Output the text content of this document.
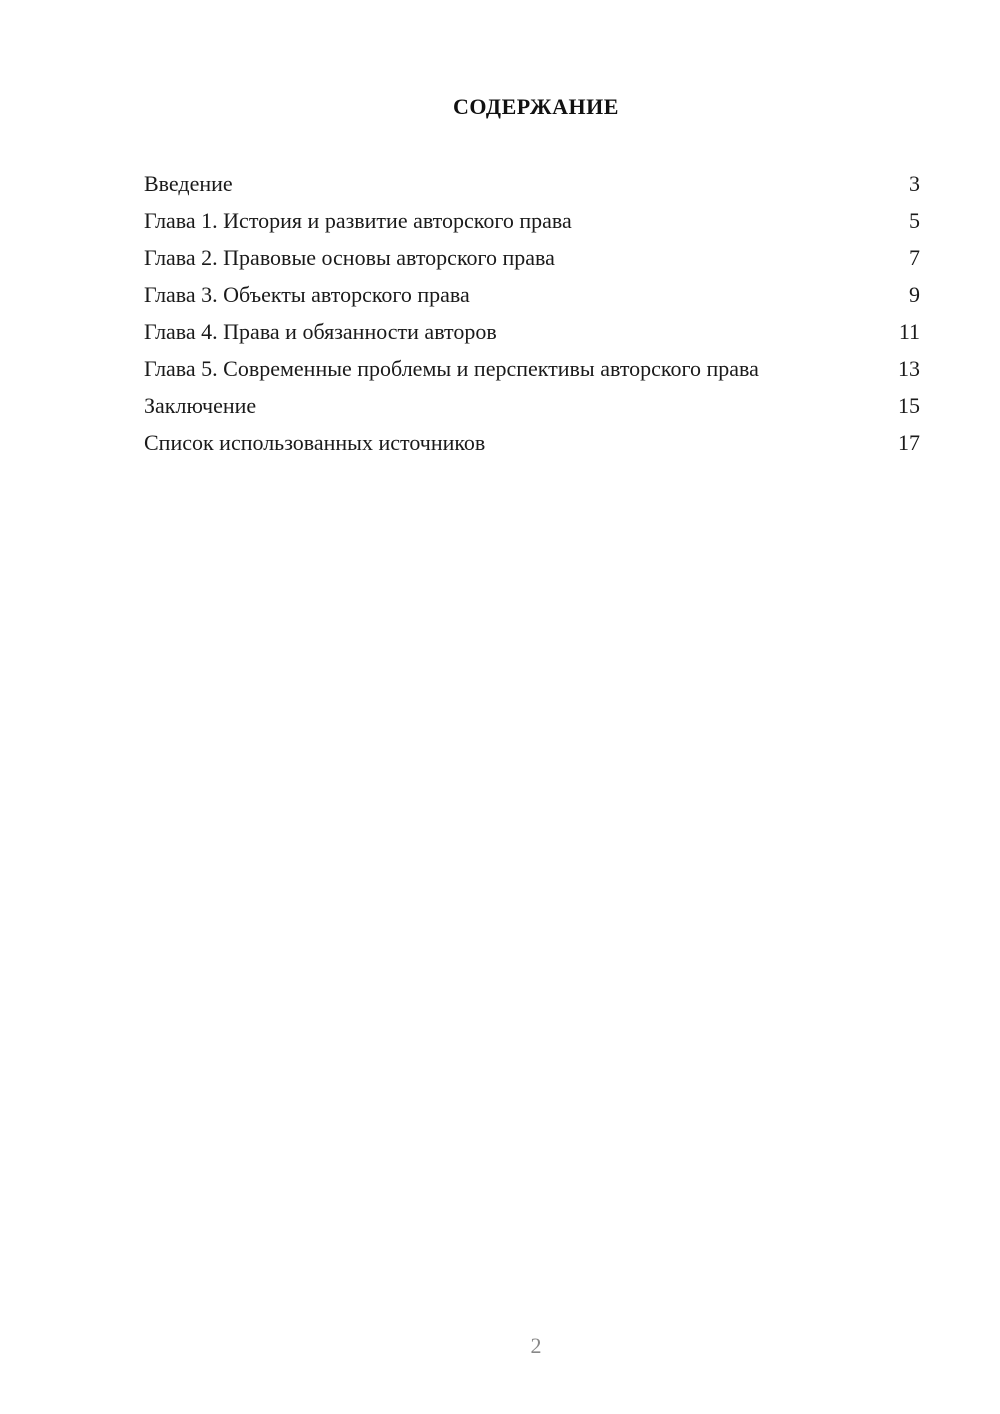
СОДЕРЖАНИЕ
Введение	3
Глава 1. История и развитие авторского права	5
Глава 2. Правовые основы авторского права	7
Глава 3. Объекты авторского права	9
Глава 4. Права и обязанности авторов	11
Глава 5. Современные проблемы и перспективы авторского права	13
Заключение	15
Список использованных источников	17
2
